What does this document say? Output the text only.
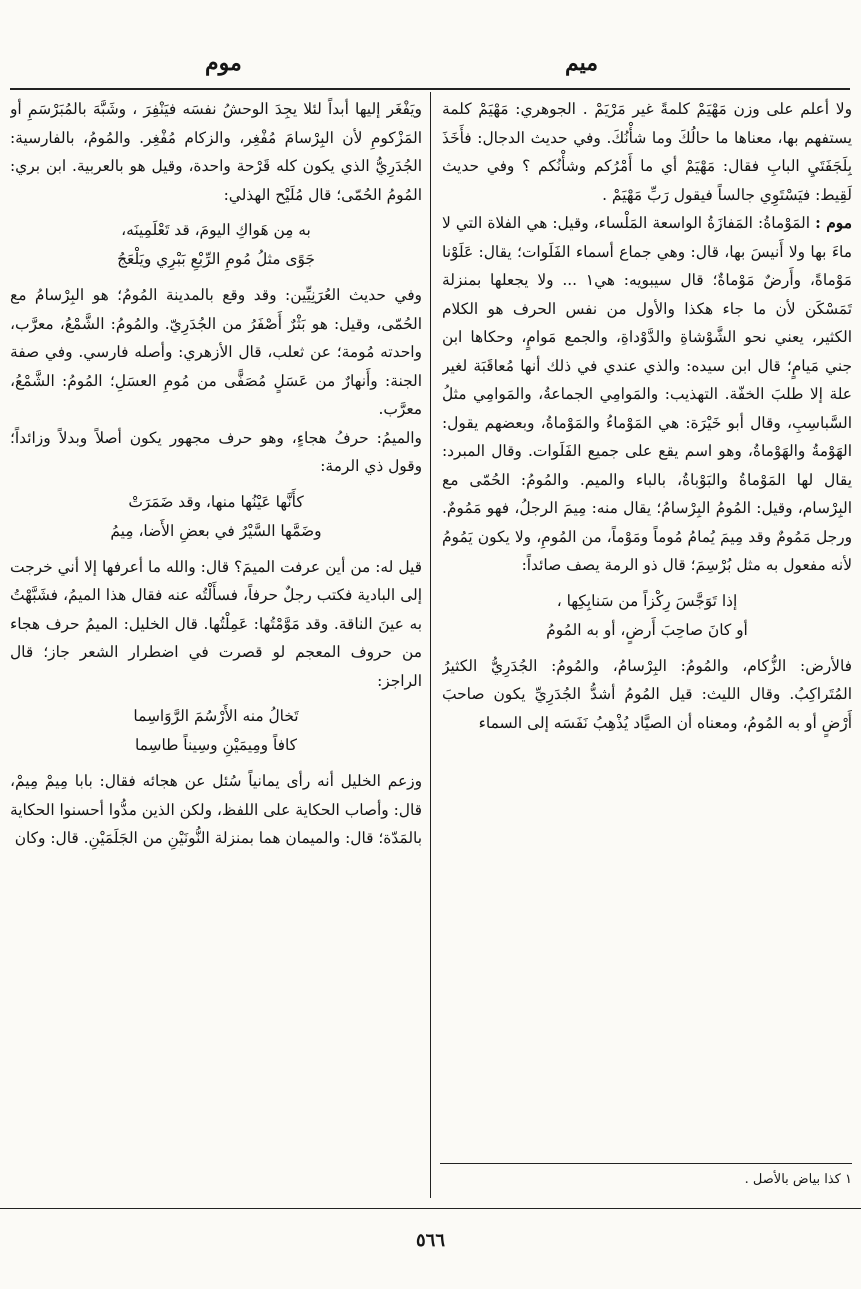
ميم
موم

ولا أعلم على وزن مَهْيَمْ كلمةً غير مَرْيَمْ . الجوهري: مَهْيَمْ كلمة يستفهم بها، معناها ما حالُكَ وما شأْنُكَ. وفي حديث الدجال: فأَخَذَ بِلَجَفَتَيِ البابِ فقال: مَهْيَمْ أي ما أَمْرُكم وشأْنُكم ؟ وفي حديث لَقِيط: فيَسْتَوِي جالساً فيقول رَبِّ مَهْيَمْ .

موم : المَوْماةُ: المَفازَةُ الواسعة المَلْساء، وقيل: هي الفلاة التي لا ماءَ بها ولا أَنيسَ بها، قال: وهي جماع أسماء الفَلَوات؛ يقال: عَلَوْنا مَوْماةً، وأَرضٌ مَوْماةٌ؛ قال سيبويه: هي١ ... ولا يجعلها بمنزلة تَمَسْكَن لأن ما جاء هكذا والأول من نفس الحرف هو الكلام الكثير، يعني نحو الشَّوْشاةِ والدَّوْداةِ، والجمع مَوامٍ، وحكاها ابن جني مَيامٍ؛ قال ابن سيده: والذي عندي في ذلك أنها مُعاقَبَة لغير علة إلا طلبَ الخفّة. التهذيب: والمَوامِي الجماعةُ، والمَوامِي مثلُ السَّباسِبِ، وقال أبو خَيْرَة: هي المَوْماءُ والمَوْماةُ، وبعضهم يقول: الهَوْمةُ والهَوْماةُ، وهو اسم يقع على جميع الفَلَوات. وقال المبرد: يقال لها المَوْماةُ والبَوْباةُ، بالباء والميم. والمُومُ: الحُمّى مع البِرْسام، وقيل: المُومُ البِرْسامُ؛ يقال منه: مِيمَ الرجلُ، فهو مَمُومٌ. ورجل مَمُومٌ وقد مِيمَ يُمامُ مُوماً ومَوْماً، من المُومِ، ولا يكون يَمُومُ لأنه مفعول به مثل بُرْسِمَ؛ قال ذو الرمة يصف صائداً:

إذا تَوَجَّسَ رِكْزاً من سَنابِكِها ،
أو كانَ صاحِبَ أَرضٍ، أو به المُومُ

فالأرض: الزُّكام، والمُومُ: البِرْسامُ، والمُومُ: الجُدَرِيُّ الكثيرُ المُتَراكِبُ. وقال الليث: قيل المُومُ أشدُّ الجُدَرِيِّ يكون صاحبَ أَرْضٍ أو به المُومُ، ومعناه أن الصيَّاد يُذْهِبُ نَفَسَه إلى السماء

ويَفْغَر إليها أبداً لئلا يجِدَ الوحشُ نفسَه فيَنْفِرَ ، وشَبَّهَ بالمُبَرْسَمِ أو المَزْكومِ لأن البِرْسامَ مُفْغِر، والزكام مُفْغِر. والمُومُ، بالفارسية: الجُدَرِيُّ الذي يكون كله قَرْحة واحدة، وقيل هو بالعربية. ابن بري: المُومُ الحُمّى؛ قال مُلَيْح الهذلي:

به مِن هَواكِ اليومَ، قد تَعْلَمِينَه،
جَوًى مثلُ مُومِ الرِّبْعِ بَبْرِي ويَلْعَجُ

وفي حديث العُرَنِيِّين: وقد وقع بالمدينة المُومُ؛ هو البِرْسامُ مع الحُمّى، وقيل: هو بَثْرٌ أَصْفَرُ من الجُدَرِيّ. والمُومُ: الشَّمْعُ، معرَّب، واحدته مُومة؛ عن ثعلب، قال الأزهري: وأصله فارسي. وفي صفة الجنة: وأَنهارٌ من عَسَلٍ مُصَفًّى من مُومِ العسَلِ؛ المُومُ: الشَّمْعُ، معرَّب.

والميمُ: حرفُ هجاءٍ، وهو حرف مجهور يكون أصلاً وبدلاً وزائداً؛ وقول ذي الرمة:

كأَنَّها عَيْنُها منها، وقد ضَمَرَتْ
وضَمَّها السَّيْرُ في بعضِ الأَضا، مِيمُ

قيل له: من أين عرفت الميمَ؟ قال: والله ما أعرفها إلا أني خرجت إلى البادية فكتب رجلٌ حرفاً، فسأَلْتُه عنه فقال هذا الميمُ، فشَبَّهْتُ به عينَ الناقة. وقد مَوَّمْتُها: عَمِلْتُها. قال الخليل: الميمُ حرف هجاء من حروف المعجم لو قصرت في اضطرار الشعر جاز؛ قال الراجز:

تَخالُ منه الأَرْسُمَ الرَّوَاسِما
كافاً ومِيمَيْنِ وسِيناً طاسِما

وزعم الخليل أنه رأى يمانياً سُئل عن هجائه فقال: بابا مِيمْ مِيمْ، قال: وأصاب الحكاية على اللفظ، ولكن الذين مدُّوا أحسنوا الحكاية بالمَدّة؛ قال: والميمان هما بمنزلة النُّونَيْنِ من الجَلَمَيْنِ. قال: وكان

١ كذا بياض بالأصل .
٥٦٦
